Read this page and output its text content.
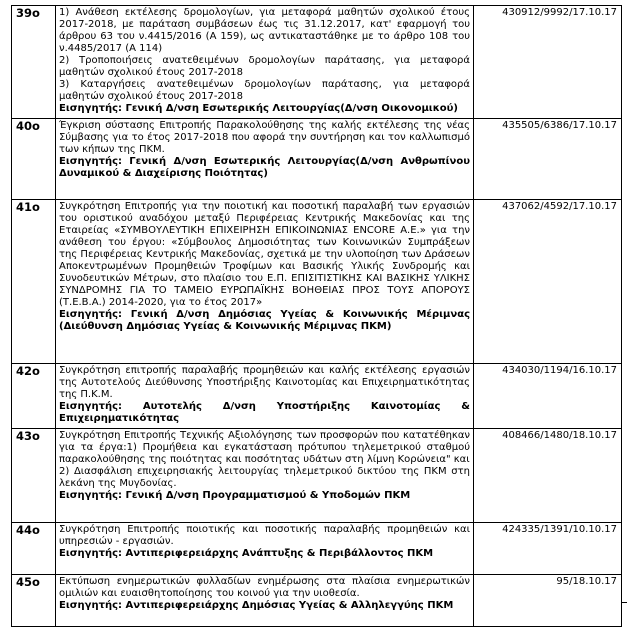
39ο	1) Ανάθεση εκτέλεσης δρομολογίων, για μεταφορά μαθητών σχολικού έτους 2017-2018, με παράταση συμβάσεων έως τις 31.12.2017, κατ' εφαρμογή του άρθρου 63 του ν.4415/2016 (Α 159), ως αντικαταστάθηκε με το άρθρο 108 του ν.4485/2017 (Α 114)
2) Τροποποιήσεις ανατεθειμένων δρομολογίων παράτασης, για μεταφορά μαθητών σχολικού έτους 2017-2018
3) Καταργήσεις ανατεθειμένων δρομολογίων παράτασης, για μεταφορά μαθητών σχολικού έτους 2017-2018
Εισηγητής: Γενική Δ/νση Εσωτερικής Λειτουργίας(Δ/νση Οικονομικού)	430912/9992/17.10.17
40ο	Έγκριση σύστασης Επιτροπής Παρακολούθησης της καλής εκτέλεσης της νέας Σύμβασης για το έτος 2017-2018 που αφορά την συντήρηση και τον καλλωπισμό των κήπων της ΠΚΜ.
Εισηγητής: Γενική Δ/νση Εσωτερικής Λειτουργίας(Δ/νση Ανθρωπίνου Δυναμικού & Διαχείρισης Ποιότητας)	435505/6386/17.10.17
41ο	Συγκρότηση Επιτροπής για την ποιοτική και ποσοτική παραλαβή των εργασιών του οριστικού αναδόχου μεταξύ Περιφέρειας Κεντρικής Μακεδονίας και της Εταιρείας «ΣΥΜΒΟΥΛΕΥΤΙΚΗ ΕΠΙΧΕΙΡΗΣΗ ΕΠΙΚΟΙΝΩΝΙΑΣ ENCORE Α.Ε.» για την ανάθεση του έργου: «Σύμβουλος Δημοσιότητας των Κοινωνικών Συμπράξεων της Περιφέρειας Κεντρικής Μακεδονίας, σχετικά με την υλοποίηση των Δράσεων Αποκεντρωμένων Προμηθειών Τροφίμων και Βασικής Υλικής Συνδρομής και Συνοδευτικών Μέτρων, στο πλαίσιο του Ε.Π. ΕΠΙΣΙΤΙΣΤΙΚΗΣ ΚΑΙ ΒΑΣΙΚΗΣ ΥΛΙΚΗΣ ΣΥΝΔΡΟΜΗΣ ΓΙΑ ΤΟ ΤΑΜΕΙΟ ΕΥΡΩΠΑΪΚΗΣ ΒΟΗΘΕΙΑΣ ΠΡΟΣ ΤΟΥΣ ΑΠΟΡΟΥΣ (Τ.Ε.Β.Α.) 2014-2020, για το έτος 2017»
Εισηγητής: Γενική Δ/νση Δημόσιας Υγείας & Κοινωνικής Μέριμνας (Διεύθυνση Δημόσιας Υγείας & Κοινωνικής Μέριμνας ΠΚΜ)	437062/4592/17.10.17
42ο	Συγκρότηση επιτροπής παραλαβής προμηθειών και καλής εκτέλεσης εργασιών της Αυτοτελούς Διεύθυνσης Υποστήριξης Καινοτομίας και Επιχειρηματικότητας της Π.Κ.Μ.
Εισηγητής: Αυτοτελής Δ/νση Υποστήριξης Καινοτομίας & Επιχειρηματικότητας	434030/1194/16.10.17
43ο	Συγκρότηση Επιτροπής Τεχνικής Αξιολόγησης των προσφορών που κατατέθηκαν για τα έργα:1) Προμήθεια και εγκατάσταση πρότυπου τηλεμετρικού σταθμού παρακολούθησης της ποιότητας και ποσότητας υδάτων στη λίμνη Κορώνεια" και
2) Διασφάλιση επιχειρησιακής λειτουργίας τηλεμετρικού δικτύου της ΠΚΜ στη λεκάνη της Μυγδονίας.
Εισηγητής: Γενική Δ/νση Προγραμματισμού & Υποδομών ΠΚΜ	408466/1480/18.10.17
44ο	Συγκρότηση Επιτροπής ποιοτικής και ποσοτικής παραλαβής προμηθειών και υπηρεσιών - εργασιών.
Εισηγητής: Αντιπεριφερειάρχης Ανάπτυξης & Περιβάλλοντος ΠΚΜ	424335/1391/10.10.17
45ο	Εκτύπωση ενημερωτικών φυλλαδίων ενημέρωσης στα πλαίσια ενημερωτικών ομιλιών και ευαισθητοποίησης του κοινού για την υιοθεσία.
Εισηγητής: Αντιπεριφερειάρχης Δημόσιας Υγείας & Αλληλεγγύης ΠΚΜ	95/18.10.17
